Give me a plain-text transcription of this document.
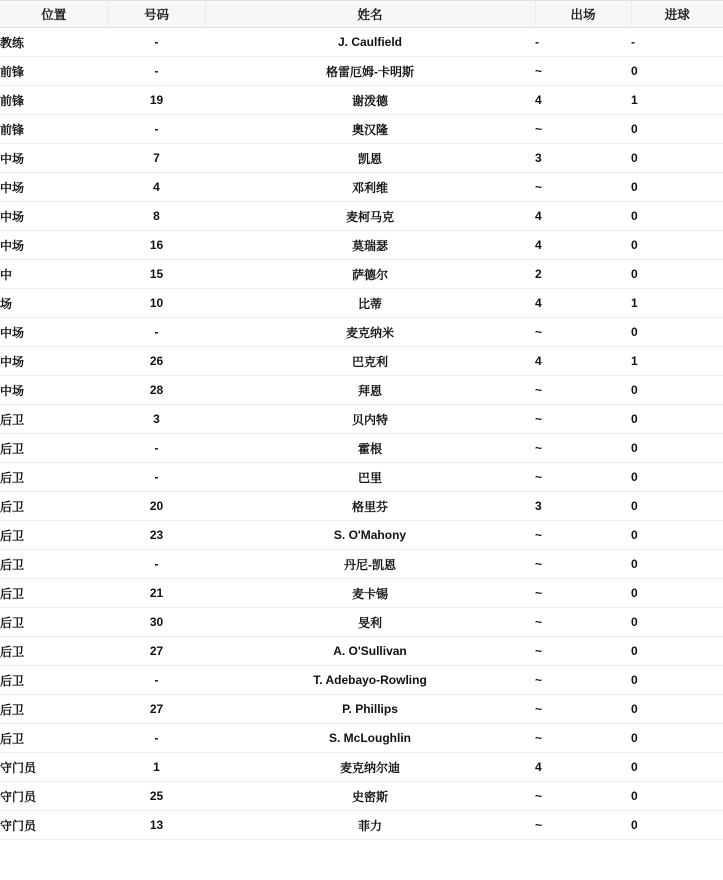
位置	号码	姓名	出场	进球
教练	-	J. Caulfield	-	-
前锋	-	格雷厄姆-卡明斯	~	0
前锋	19	谢泼德	4	1
前锋	-	奥汉隆	~	0
中场	7	凯恩	3	0
中场	4	邓利维	~	0
中场	8	麦柯马克	4	0
中场	16	莫瑞瑟	4	0
中	15	萨德尔	2	0
场	10	比蒂	4	1
中场	-	麦克纳米	~	0
中场	26	巴克利	4	1
中场	28	拜恩	~	0
后卫	3	贝内特	~	0
后卫	-	霍根	~	0
后卫	-	巴里	~	0
后卫	20	格里芬	3	0
后卫	23	S. O'Mahony	~	0
后卫	-	丹尼-凯恩	~	0
后卫	21	麦卡锡	~	0
后卫	30	旻利	~	0
后卫	27	A. O'Sullivan	~	0
后卫	-	T. Adebayo-Rowling	~	0
后卫	27	P. Phillips	~	0
后卫	-	S. McLoughlin	~	0
守门员	1	麦克纳尔迪	4	0
守门员	25	史密斯	~	0
守门员	13	菲力	~	0
